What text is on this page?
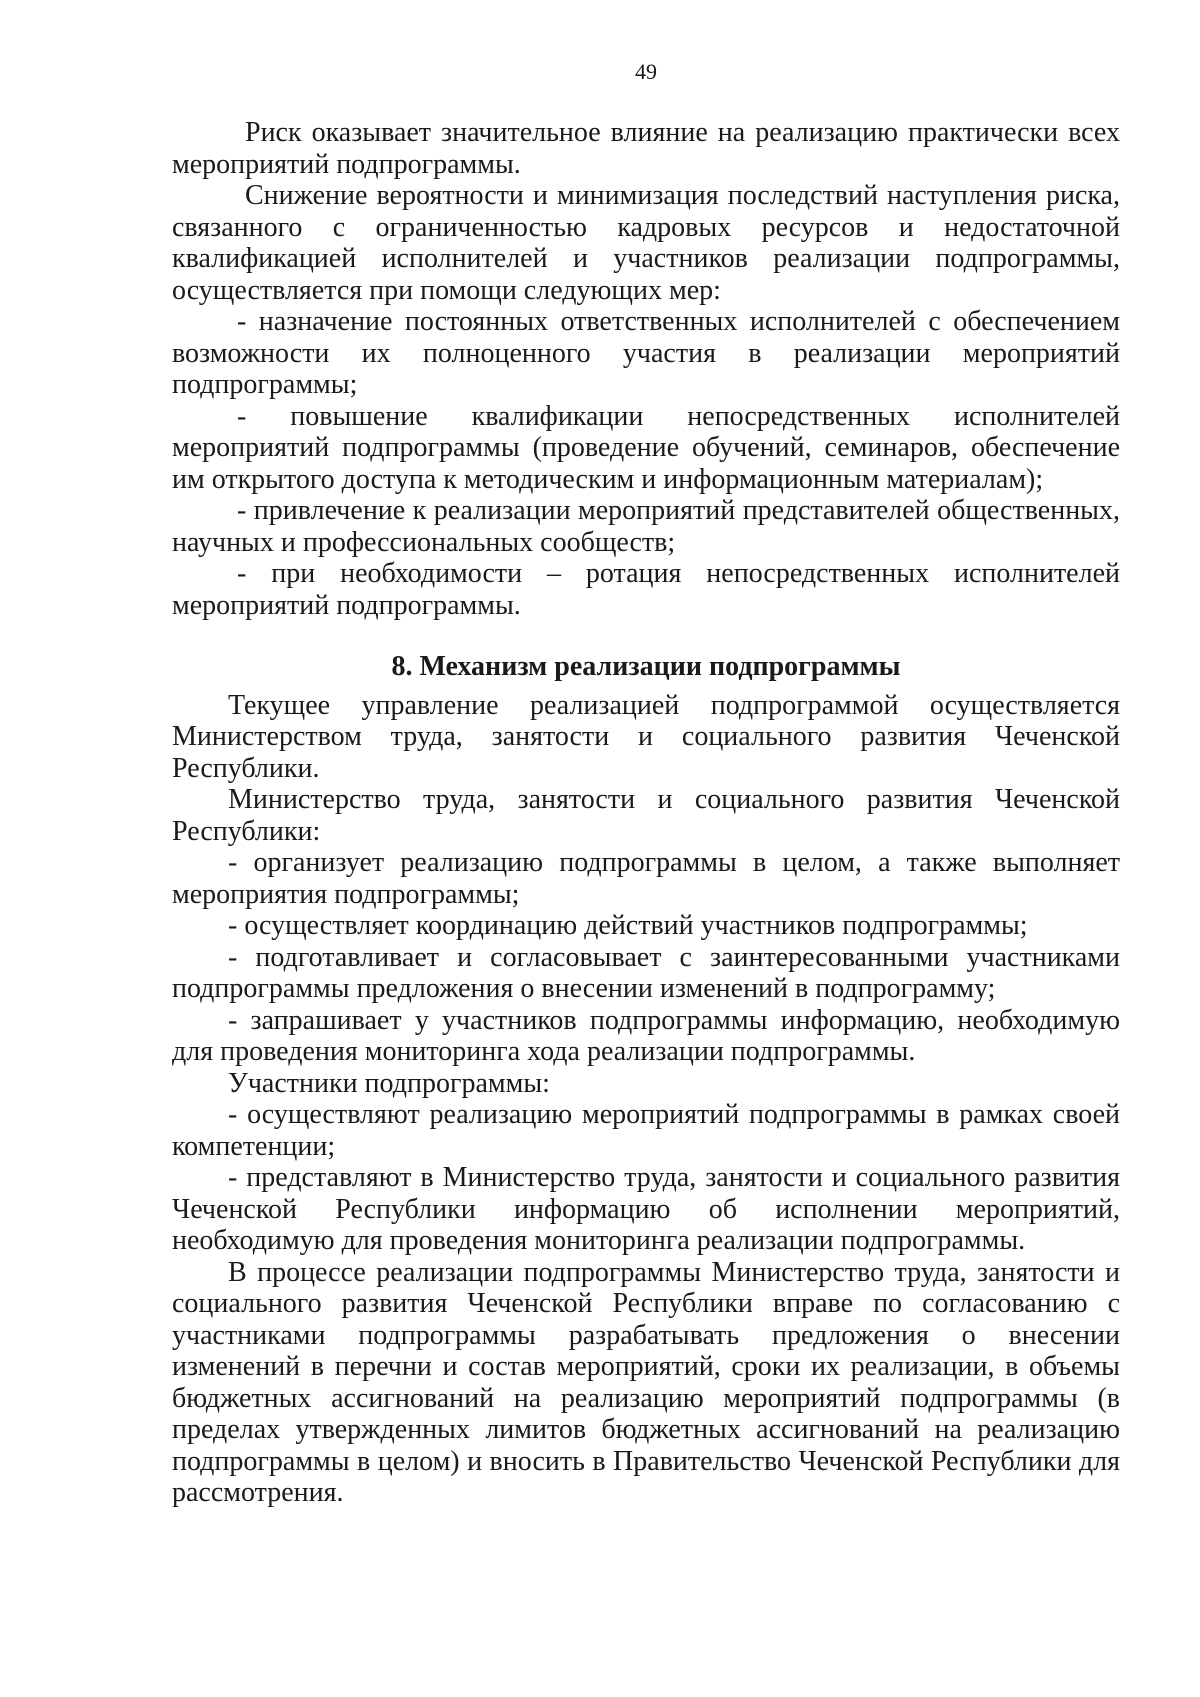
49

Риск оказывает значительное влияние на реализацию практически всех мероприятий подпрограммы.

Снижение вероятности и минимизация последствий наступления риска, связанного с ограниченностью кадровых ресурсов и недостаточной квалификацией исполнителей и участников реализации подпрограммы, осуществляется при помощи следующих мер:

- назначение постоянных ответственных исполнителей с обеспечением возможности их полноценного участия в реализации мероприятий подпрограммы;

- повышение квалификации непосредственных исполнителей мероприятий подпрограммы (проведение обучений, семинаров, обеспечение им открытого доступа к методическим и информационным материалам);

- привлечение к реализации мероприятий представителей общественных, научных и профессиональных сообществ;

- при необходимости – ротация непосредственных исполнителей мероприятий подпрограммы.

8. Механизм реализации подпрограммы

Текущее управление реализацией подпрограммой осуществляется Министерством труда, занятости и социального развития Чеченской Республики.

Министерство труда, занятости и социального развития Чеченской Республики:

- организует реализацию подпрограммы в целом, а также выполняет мероприятия подпрограммы;

- осуществляет координацию действий участников подпрограммы;

- подготавливает и согласовывает с заинтересованными участниками подпрограммы предложения о внесении изменений в подпрограмму;

- запрашивает у участников подпрограммы информацию, необходимую для проведения мониторинга хода реализации подпрограммы.

Участники подпрограммы:

- осуществляют реализацию мероприятий подпрограммы в рамках своей компетенции;

- представляют в Министерство труда, занятости и социального развития Чеченской Республики информацию об исполнении мероприятий, необходимую для проведения мониторинга реализации подпрограммы.

В процессе реализации подпрограммы Министерство труда, занятости и социального развития Чеченской Республики вправе по согласованию с участниками подпрограммы разрабатывать предложения о внесении изменений в перечни и состав мероприятий, сроки их реализации, в объемы бюджетных ассигнований на реализацию мероприятий подпрограммы (в пределах утвержденных лимитов бюджетных ассигнований на реализацию подпрограммы в целом) и вносить в Правительство Чеченской Республики для рассмотрения.
